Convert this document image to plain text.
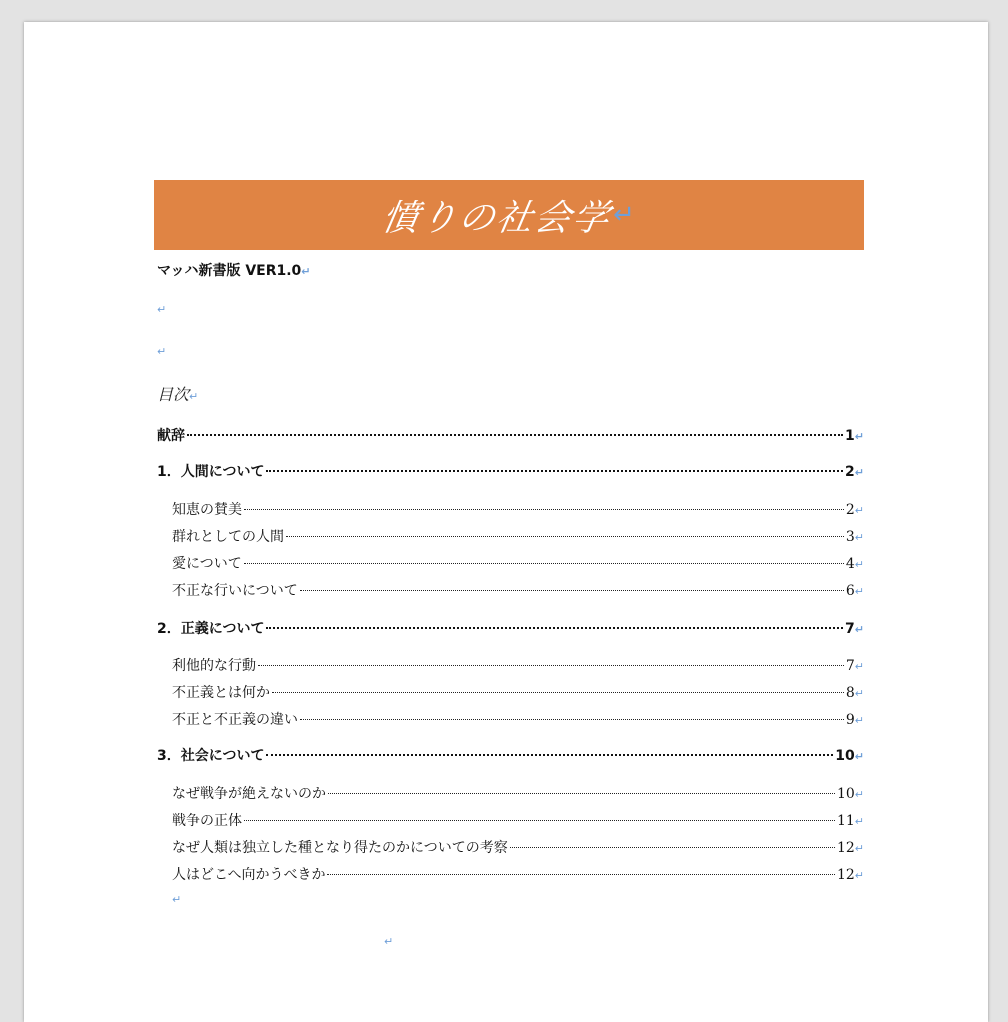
憤りの社会学
↵
マッハ新書版 VER1.0↵
↵
↵
目次↵
献辞	1 ↵
1．人間について	2 ↵
知恵の賛美	2 ↵
群れとしての人間	3 ↵
愛について	4 ↵
不正な行いについて	6 ↵
2．正義について	7 ↵
利他的な行動	7 ↵
不正義とは何か	8 ↵
不正と不正義の違い	9 ↵
3．社会について	10 ↵
なぜ戦争が絶えないのか	10 ↵
戦争の正体	11 ↵
なぜ人類は独立した種となり得たのかについての考察	12 ↵
人はどこへ向かうべきか	12 ↵
↵
↵
